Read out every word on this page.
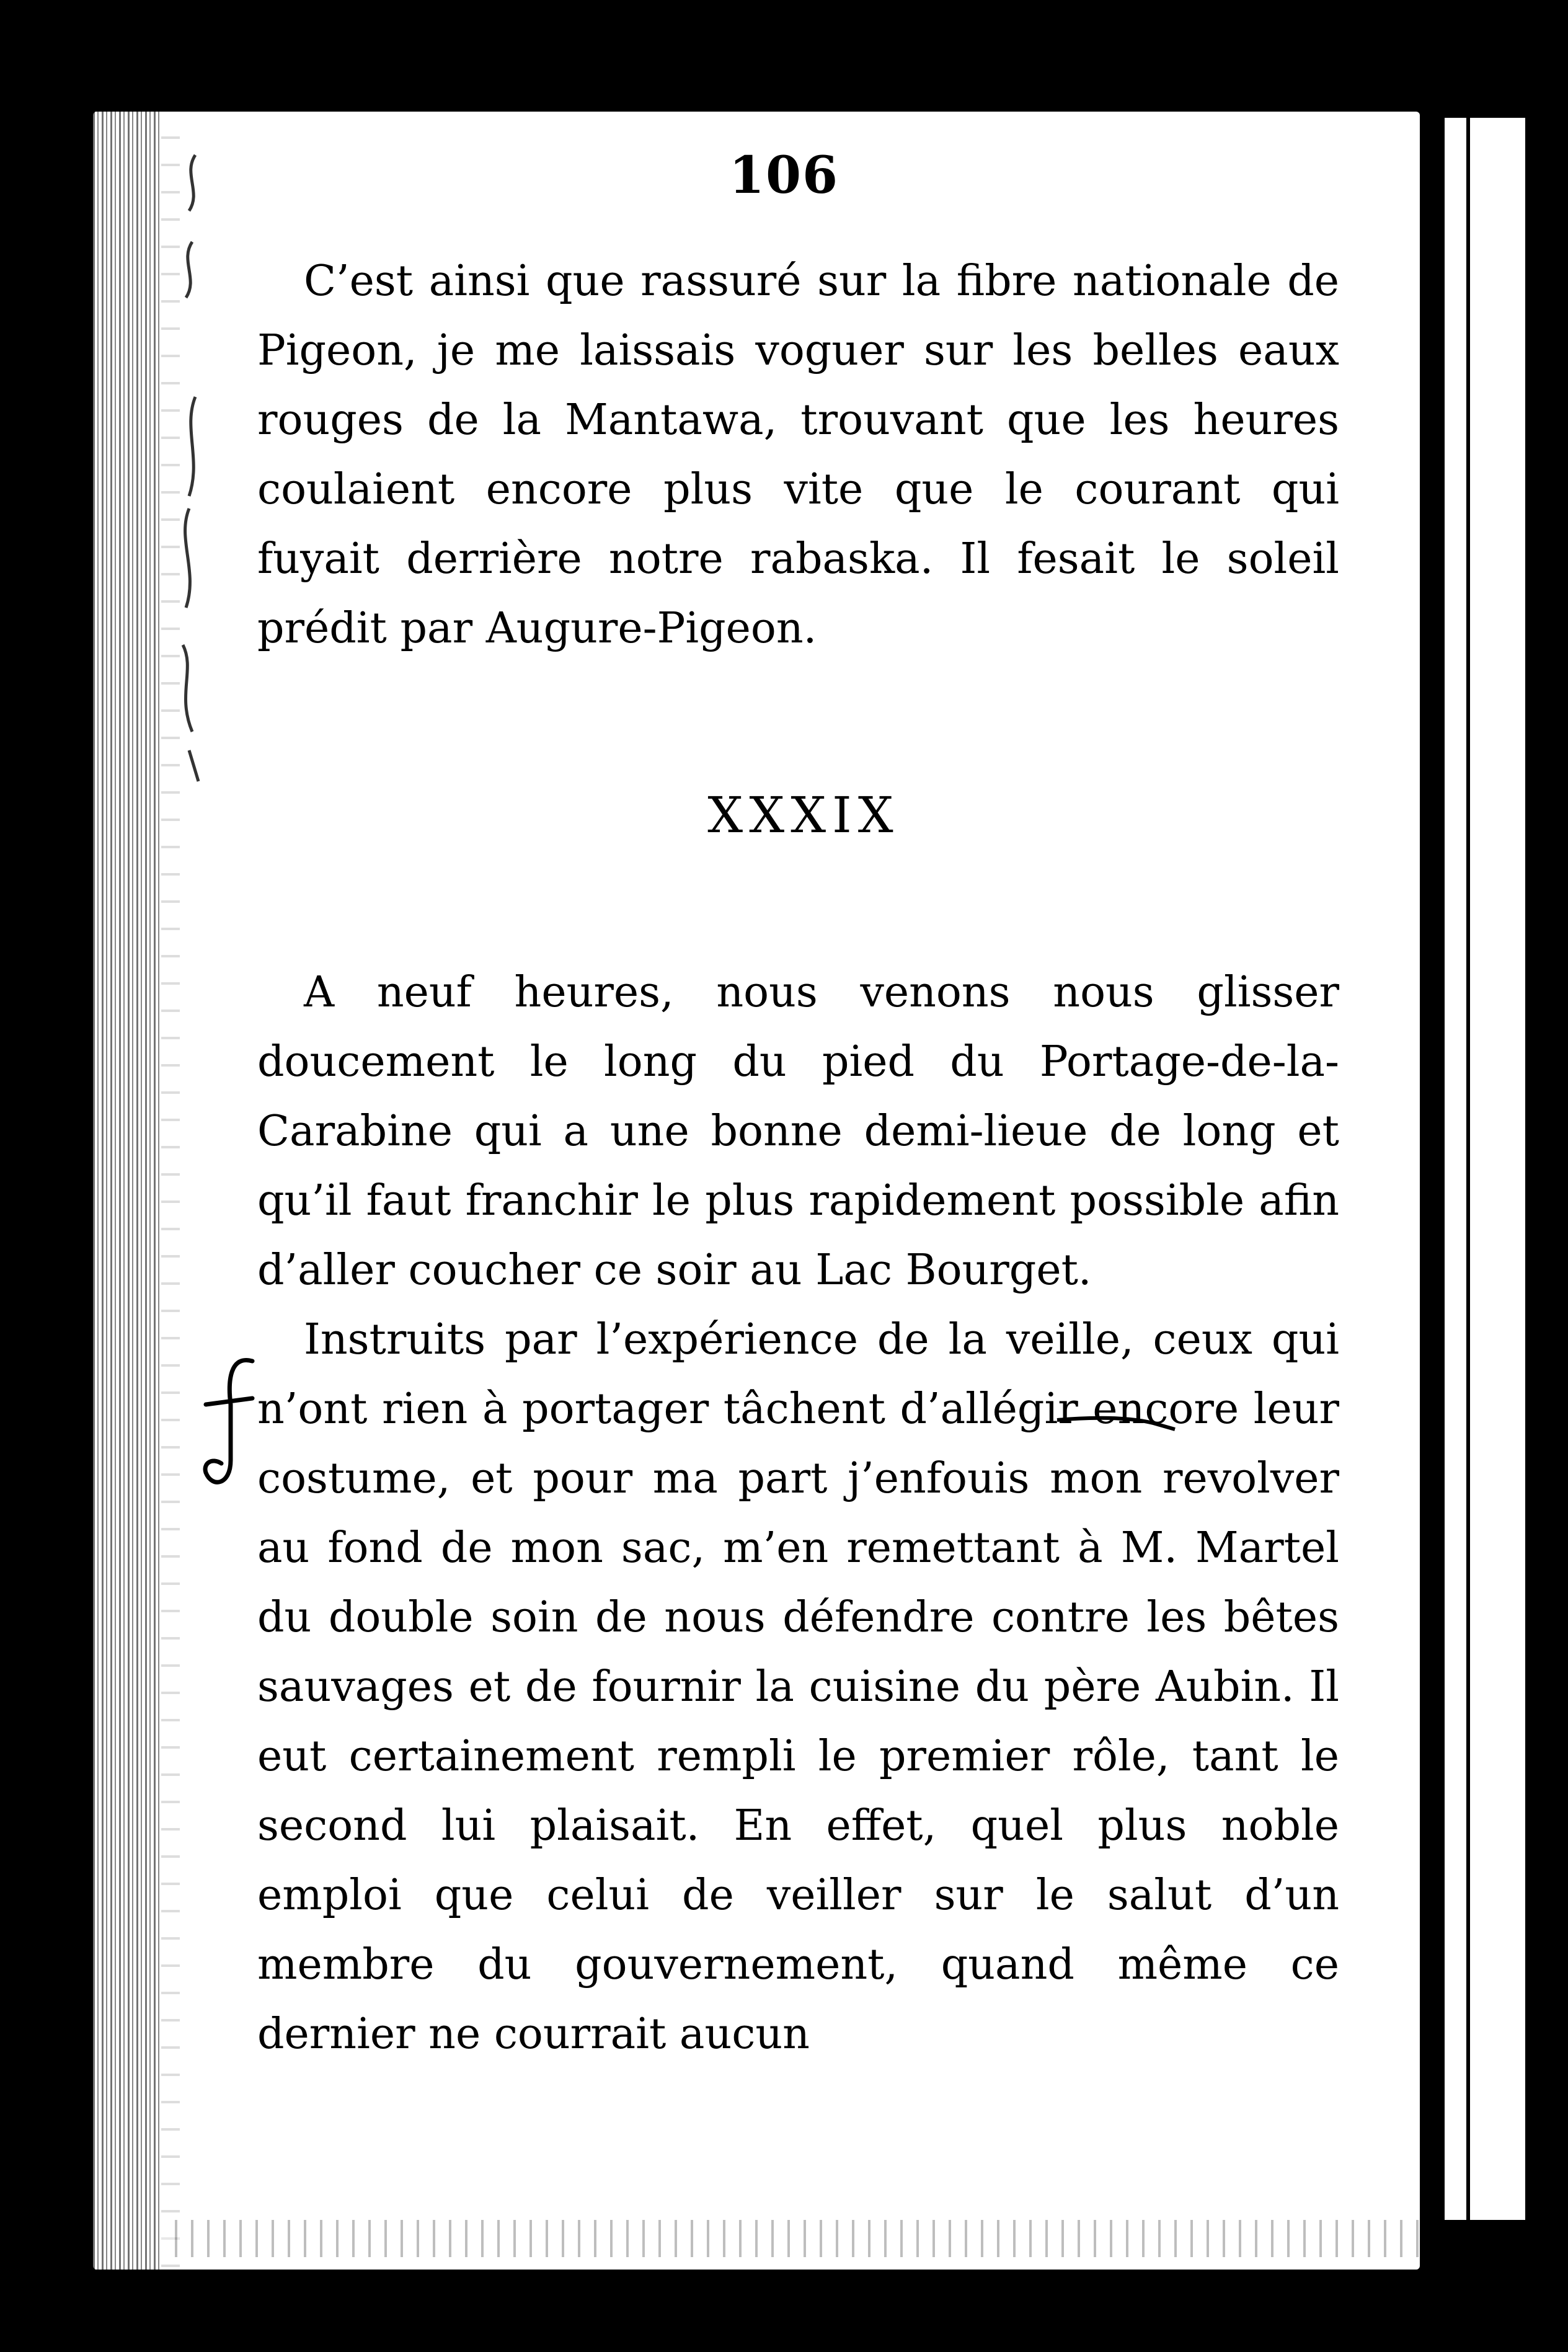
106

C’est ainsi que rassuré sur la fibre nationale de Pigeon, je me laissais voguer sur les belles eaux rouges de la Mantawa, trouvant que les heures coulaient encore plus vite que le courant qui fuyait derrière notre rabaska. Il fesait le soleil prédit par Augure-Pigeon.

XXXIX

A neuf heures, nous venons nous glisser doucement le long du pied du Portage-de-la-Carabine qui a une bonne demi-lieue de long et qu’il faut franchir le plus rapidement possible afin d’aller coucher ce soir au Lac Bourget.

Instruits par l’expérience de la veille, ceux qui n’ont rien à portager tâchent d’allégir encore leur costume, et pour ma part j’enfouis mon revolver au fond de mon sac, m’en remettant à M. Martel du double soin de nous défendre contre les bêtes sauvages et de fournir la cuisine du père Aubin. Il eut certainement rempli le premier rôle, tant le second lui plaisait. En effet, quel plus noble emploi que celui de veiller sur le salut d’un membre du gouvernement, quand même ce dernier ne courrait aucun
